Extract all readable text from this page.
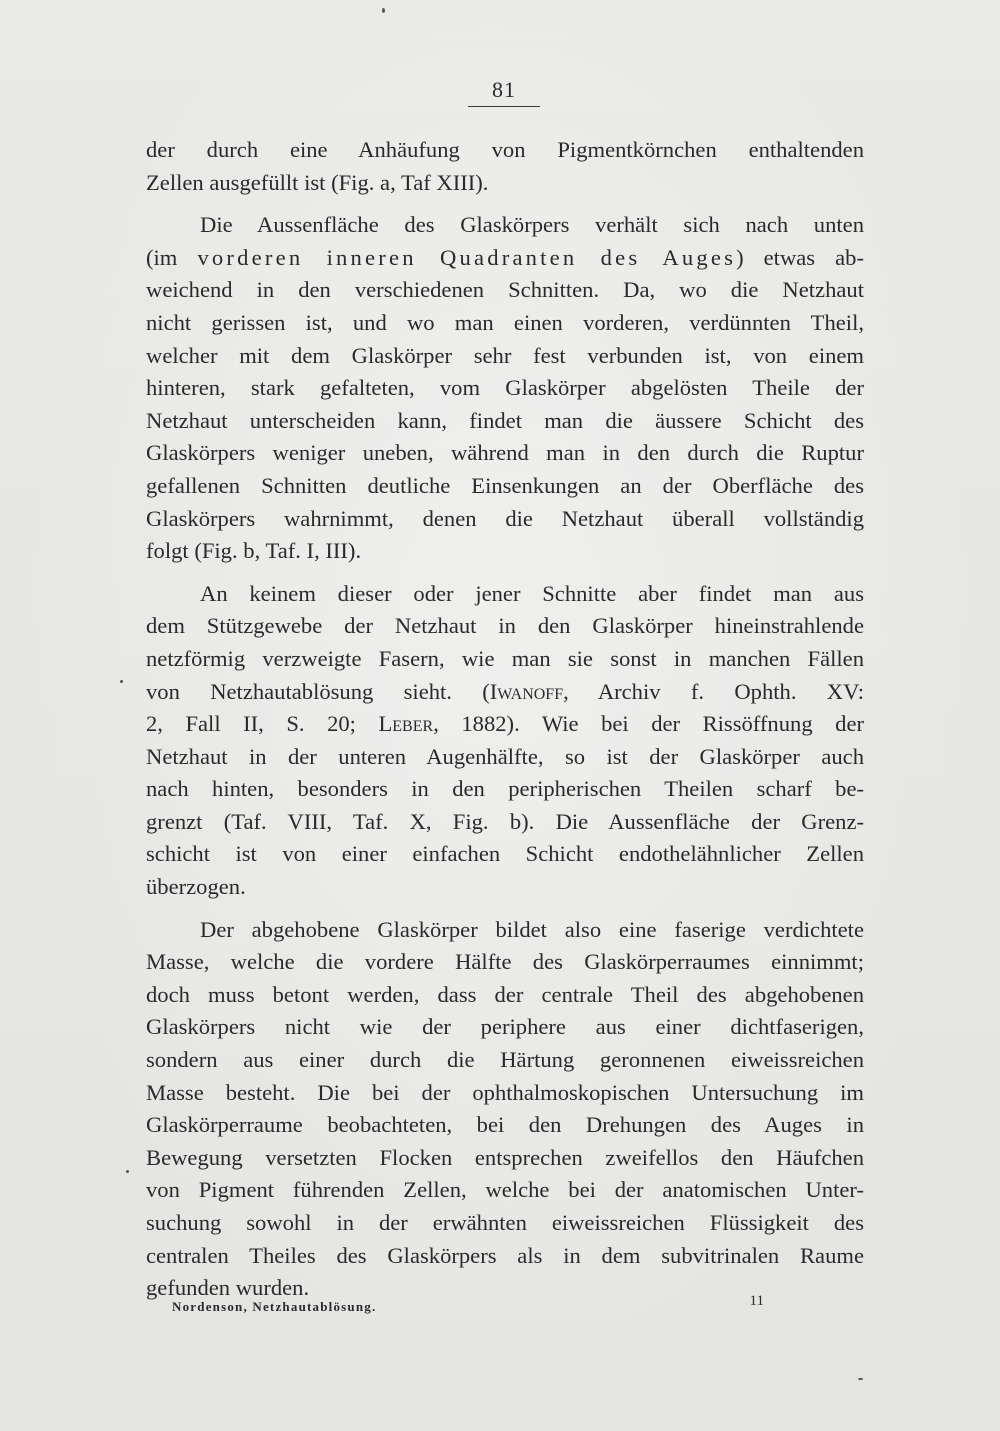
81
der durch eine Anhäufung von Pigmentkörnchen enthaltenden
Zellen ausgefüllt ist (Fig. a, Taf XIII).
Die Aussenfläche des Glaskörpers verhält sich nach unten
(im vorderen inneren Quadranten des Auges) etwas ab-
weichend in den verschiedenen Schnitten. Da, wo die Netzhaut
nicht gerissen ist, und wo man einen vorderen, verdünnten Theil,
welcher mit dem Glaskörper sehr fest verbunden ist, von einem
hinteren, stark gefalteten, vom Glaskörper abgelösten Theile der
Netzhaut unterscheiden kann, findet man die äussere Schicht des
Glaskörpers weniger uneben, während man in den durch die Ruptur
gefallenen Schnitten deutliche Einsenkungen an der Oberfläche des
Glaskörpers wahrnimmt, denen die Netzhaut überall vollständig
folgt (Fig. b, Taf. I, III).
An keinem dieser oder jener Schnitte aber findet man aus
dem Stützgewebe der Netzhaut in den Glaskörper hineinstrahlende
netzförmig verzweigte Fasern, wie man sie sonst in manchen Fällen
von Netzhautablösung sieht. (Iwanoff, Archiv f. Ophth. XV:
2, Fall II, S. 20; Leber, 1882). Wie bei der Rissöffnung der
Netzhaut in der unteren Augenhälfte, so ist der Glaskörper auch
nach hinten, besonders in den peripherischen Theilen scharf be-
grenzt (Taf. VIII, Taf. X, Fig. b). Die Aussenfläche der Grenz-
schicht ist von einer einfachen Schicht endothelähnlicher Zellen
überzogen.
Der abgehobene Glaskörper bildet also eine faserige verdichtete
Masse, welche die vordere Hälfte des Glaskörperraumes einnimmt;
doch muss betont werden, dass der centrale Theil des abgehobenen
Glaskörpers nicht wie der periphere aus einer dichtfaserigen,
sondern aus einer durch die Härtung geronnenen eiweissreichen
Masse besteht. Die bei der ophthalmoskopischen Untersuchung im
Glaskörperraume beobachteten, bei den Drehungen des Auges in
Bewegung versetzten Flocken entsprechen zweifellos den Häufchen
von Pigment führenden Zellen, welche bei der anatomischen Unter-
suchung sowohl in der erwähnten eiweissreichen Flüssigkeit des
centralen Theiles des Glaskörpers als in dem subvitrinalen Raume
gefunden wurden.
Nordenson, Netzhautablösung.	11
